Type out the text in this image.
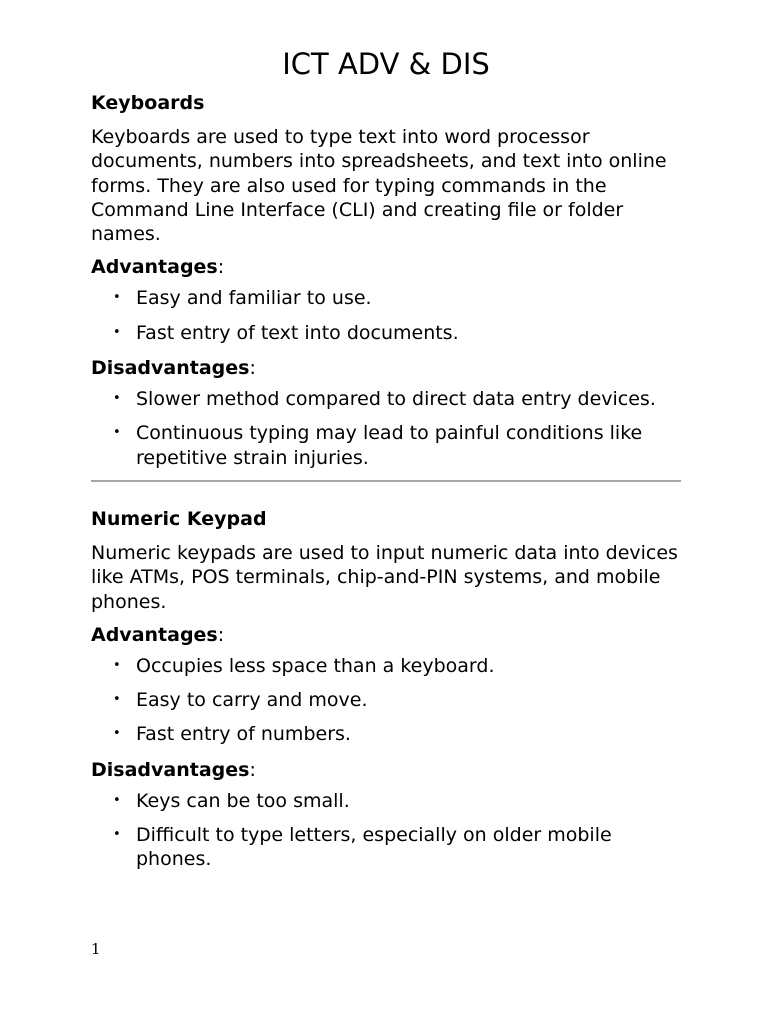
ICT ADV & DIS
Keyboards

Keyboards are used to type text into word processor documents, numbers into spreadsheets, and text into online forms. They are also used for typing commands in the Command Line Interface (CLI) and creating file or folder names.

Advantages:
• Easy and familiar to use.
• Fast entry of text into documents.
Disadvantages:
• Slower method compared to direct data entry devices.
• Continuous typing may lead to painful conditions like repetitive strain injuries.
Numeric Keypad

Numeric keypads are used to input numeric data into devices like ATMs, POS terminals, chip-and-PIN systems, and mobile phones.

Advantages:
• Occupies less space than a keyboard.
• Easy to carry and move.
• Fast entry of numbers.
Disadvantages:
• Keys can be too small.
• Difficult to type letters, especially on older mobile phones.
1
